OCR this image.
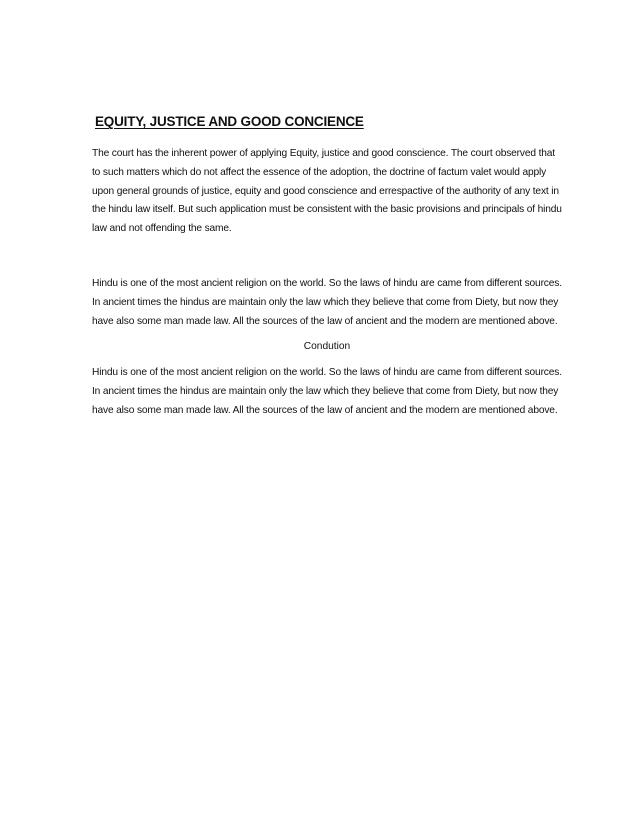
EQUITY, JUSTICE AND GOOD CONCIENCE

The court has the inherent power of applying Equity, justice and good conscience. The court observed that to such matters which do not affect the essence of the adoption, the doctrine of factum valet would apply upon general grounds of justice, equity and good conscience and errespactive of the authority of any text in the hindu law itself. But such application must be consistent with the basic provisions and principals of hindu law and not offending the same.

Hindu is one of the most ancient religion on the world. So the laws of hindu are came from different sources. In ancient times the hindus are maintain only the law which they believe that come from Diety, but now they have also some man made law. All the sources of the law of ancient and the modern are mentioned above.

Condution

Hindu is one of the most ancient religion on the world. So the laws of hindu are came from different sources. In ancient times the hindus are maintain only the law which they believe that come from Diety, but now they have also some man made law. All the sources of the law of ancient and the modern are mentioned above.
